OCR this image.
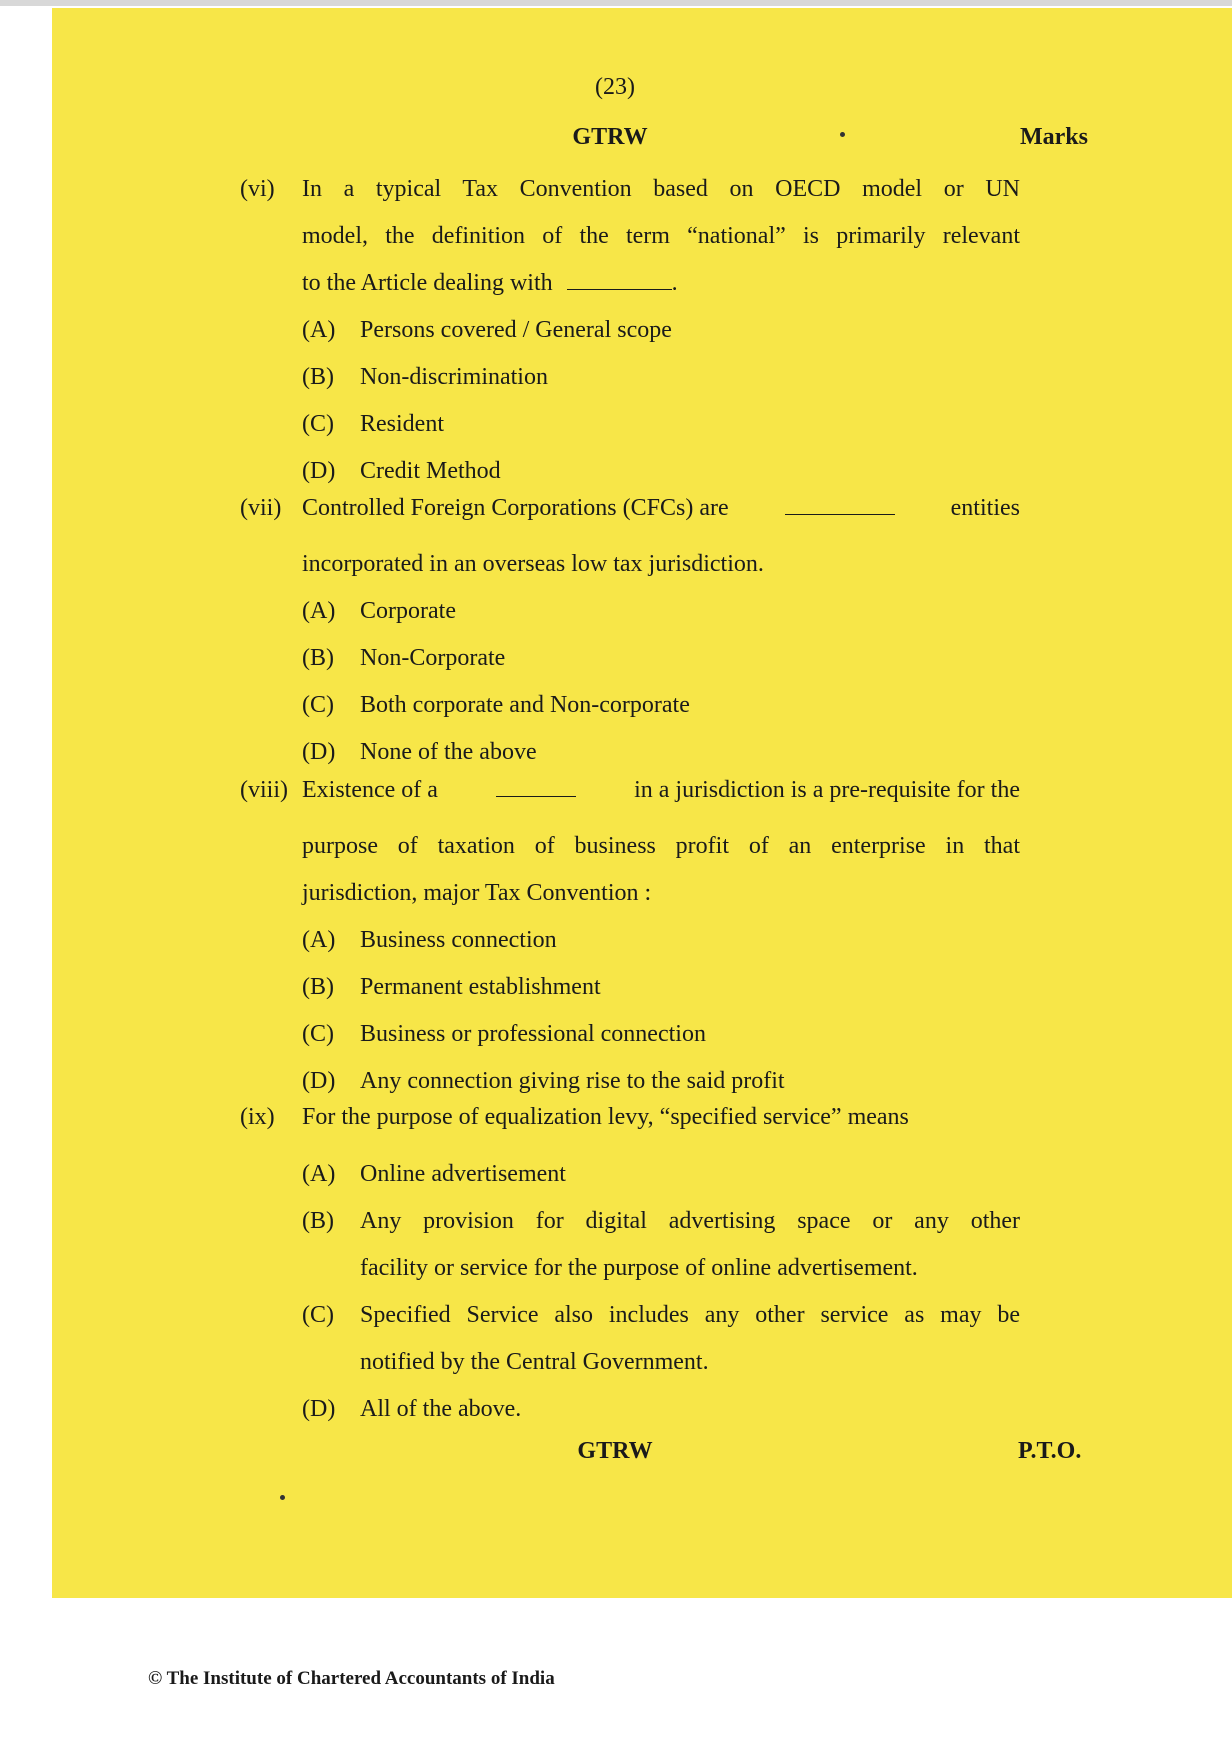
(23)
GTRW	Marks
(vi)	In a typical Tax Convention based on OECD model or UN
model, the definition of the term “national” is primarily relevant
to the Article dealing with	.
(A)	Persons covered / General scope
(B)	Non-discrimination
(C)	Resident
(D)	Credit Method
(vii) Controlled Foreign Corporations (CFCs) are	entities
incorporated in an overseas low tax jurisdiction.
(A)	Corporate
(B)	Non-Corporate
(C)	Both corporate and Non-corporate
(D)	None of the above
(viii) Existence of a	in a jurisdiction is a pre-requisite for the
purpose of taxation of business profit of an enterprise in that
jurisdiction, major Tax Convention :
(A)	Business connection
(B)	Permanent establishment
(C)	Business or professional connection
(D)	Any connection giving rise to the said profit
(ix)	For the purpose of equalization levy, “specified service” means
(A)	Online advertisement
(B)	Any provision for digital advertising space or any other
facility or service for the purpose of online advertisement.
(C)	Specified Service also includes any other service as may be
notified by the Central Government.
(D)	All of the above.
GTRW	P.T.O.
© The Institute of Chartered Accountants of India
